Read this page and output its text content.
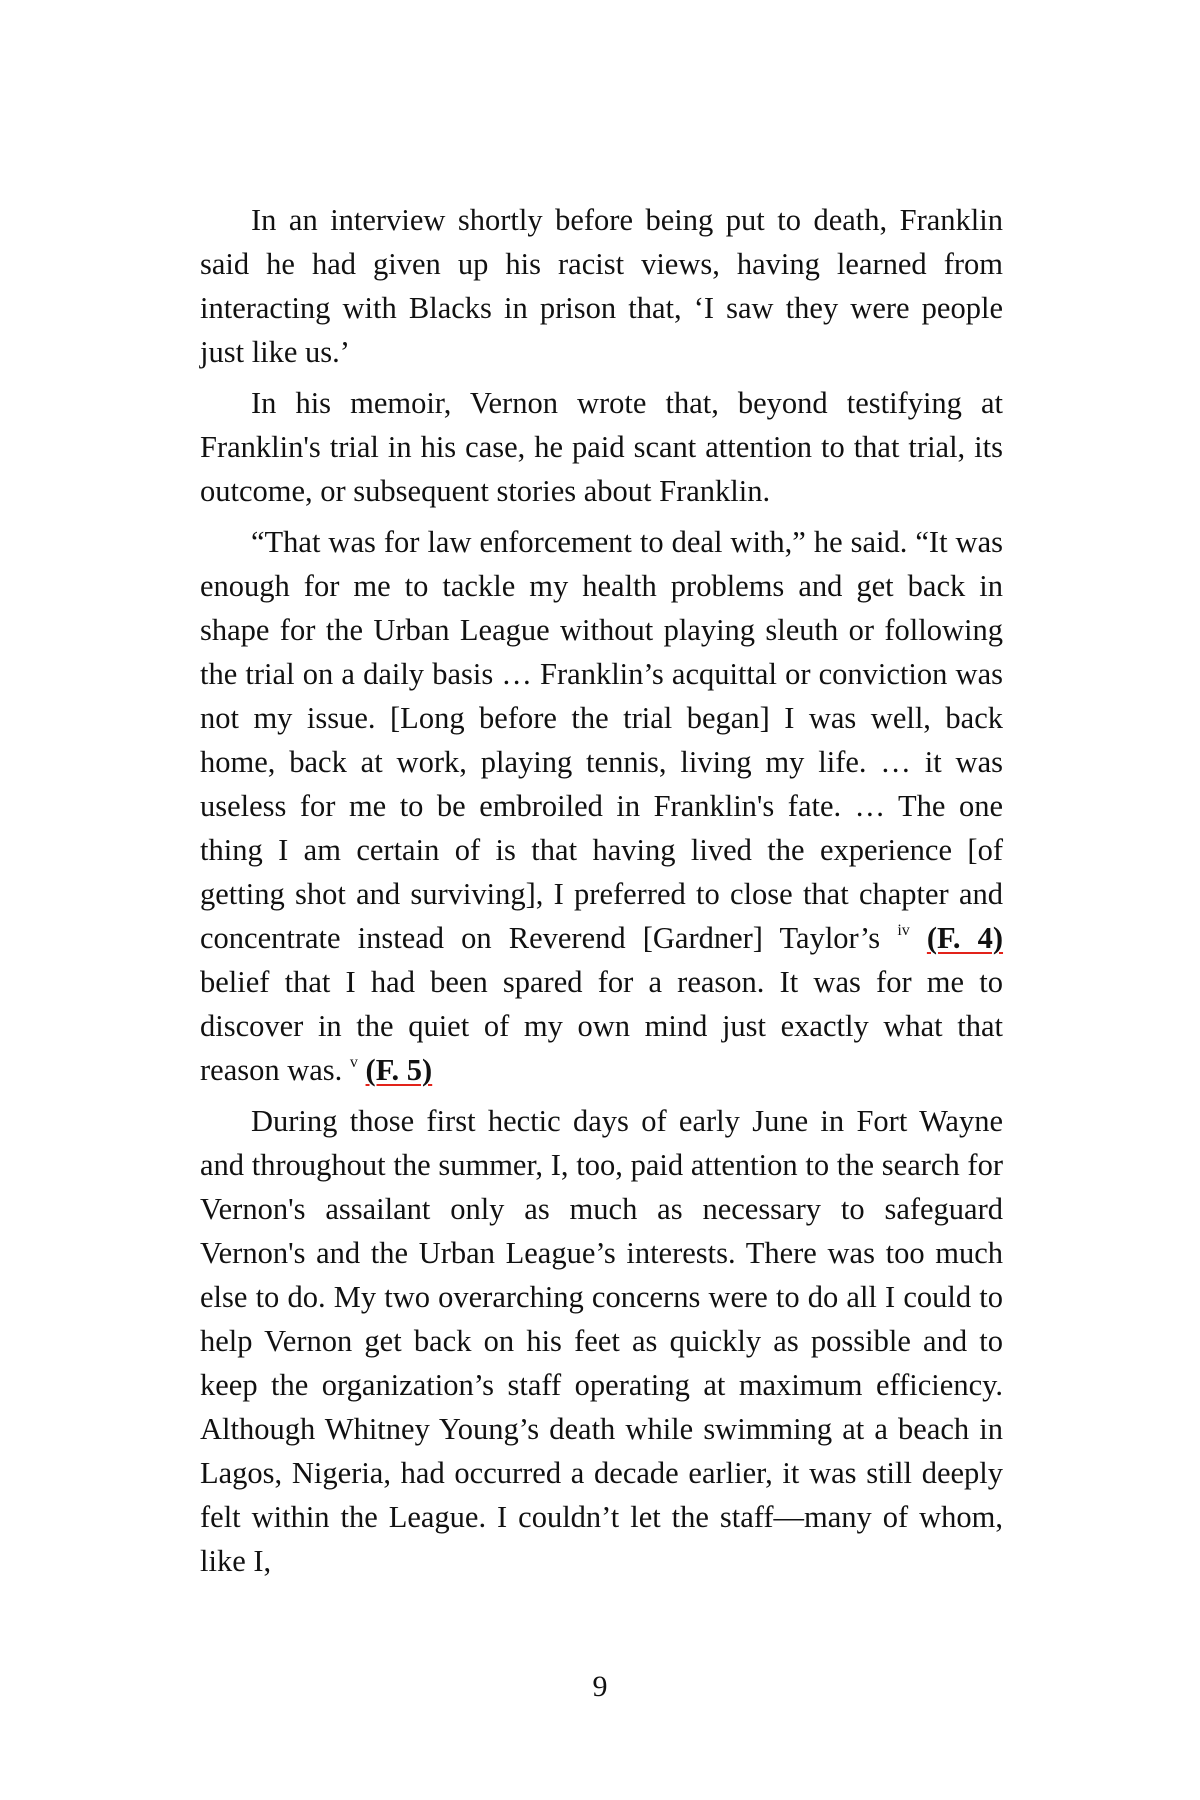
In an interview shortly before being put to death, Franklin said he had given up his racist views, having learned from interacting with Blacks in prison that, ‘I saw they were people just like us.’

In his memoir, Vernon wrote that, beyond testifying at Franklin's trial in his case, he paid scant attention to that trial, its outcome, or subsequent stories about Franklin.

“That was for law enforcement to deal with,” he said. “It was enough for me to tackle my health problems and get back in shape for the Urban League without playing sleuth or following the trial on a daily basis … Franklin’s acquittal or conviction was not my issue. [Long before the trial began] I was well, back home, back at work, playing tennis, living my life. … it was useless for me to be embroiled in Franklin's fate. … The one thing I am certain of is that having lived the experience [of getting shot and surviving], I preferred to close that chapter and concentrate instead on Reverend [Gardner] Taylor’s $^{iv}$ (F. 4) belief that I had been spared for a reason. It was for me to discover in the quiet of my own mind just exactly what that reason was. $^v$ (F. 5)

During those first hectic days of early June in Fort Wayne and throughout the summer, I, too, paid attention to the search for Vernon's assailant only as much as necessary to safeguard Vernon's and the Urban League’s interests. There was too much else to do. My two overarching concerns were to do all I could to help Vernon get back on his feet as quickly as possible and to keep the organization’s staff operating at maximum efficiency. Although Whitney Young’s death while swimming at a beach in Lagos, Nigeria, had occurred a decade earlier, it was still deeply felt within the League. I couldn’t let the staff—many of whom, like I,

9
